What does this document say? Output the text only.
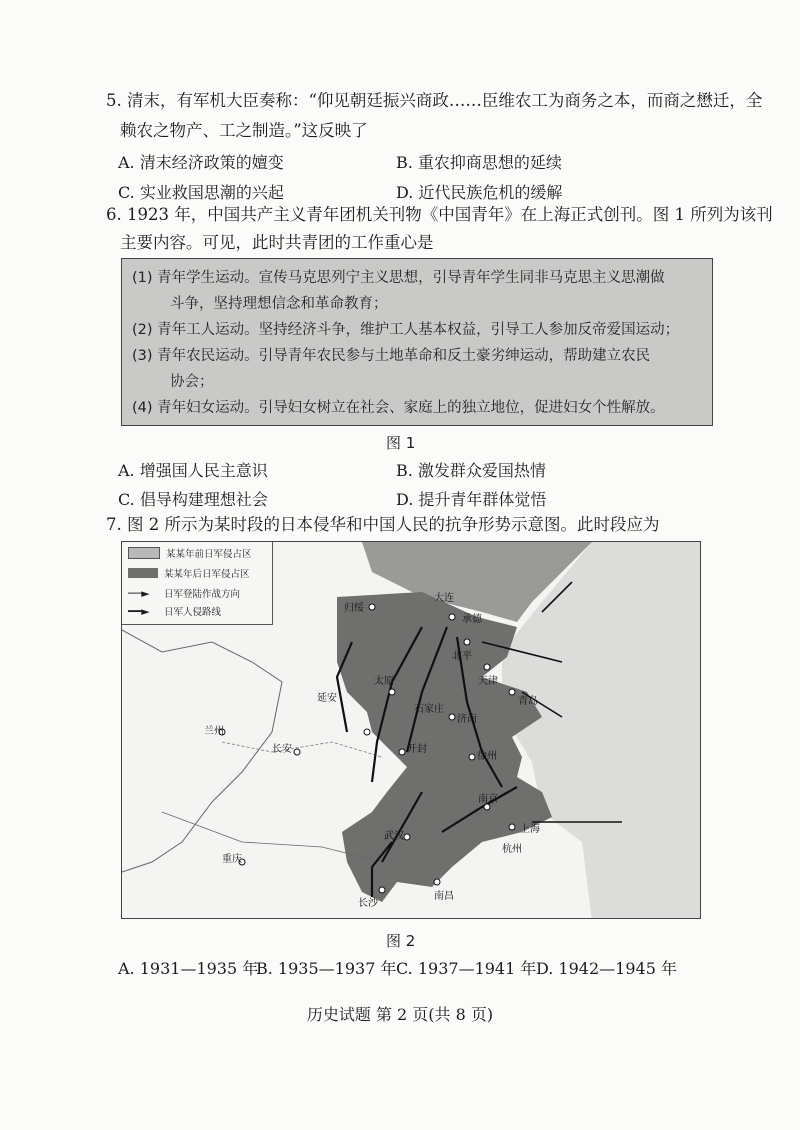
5. 清末，有军机大臣奏称：“仰见朝廷振兴商政……臣维农工为商务之本，而商之懋迁，全
赖农之物产、工之制造。”这反映了
A. 清末经济政策的嬗变	B. 重农抑商思想的延续
C. 实业救国思潮的兴起	D. 近代民族危机的缓解
6. 1923 年，中国共产主义青年团机关刊物《中国青年》在上海正式创刊。图 1 所列为该刊
主要内容。可见，此时共青团的工作重心是

(1) 青年学生运动。宣传马克思列宁主义思想，引导青年学生同非马克思主义思潮做

斗争，坚持理想信念和革命教育；

(2) 青年工人运动。坚持经济斗争，维护工人基本权益，引导工人参加反帝爱国运动；

(3) 青年农民运动。引导青年农民参与土地革命和反土豪劣绅运动，帮助建立农民

协会；

(4) 青年妇女运动。引导妇女树立在社会、家庭上的独立地位，促进妇女个性解放。

图 1
A. 增强国人民主意识	B. 激发群众爱国热情
C. 倡导构建理想社会	D. 提升青年群体觉悟
7. 图 2 所示为某时段的日本侵华和中国人民的抗争形势示意图。此时段应为
某某年前日军侵占区
某某年后日军侵占区
──►	日军登陆作战方向
━━►	日军人侵路线	归绥
大连
承德
北平
天津
太原
石家庄
济南
青岛
延安
兰州
长安	开封
徐州
南京
上海
杭州
武汉
长沙
南昌
重庆
图 2
A. 1931—1935 年
B. 1935—1937 年 C. 1937—1941 年 D. 1942—1945 年
历史试题 第 2 页(共 8 页)
